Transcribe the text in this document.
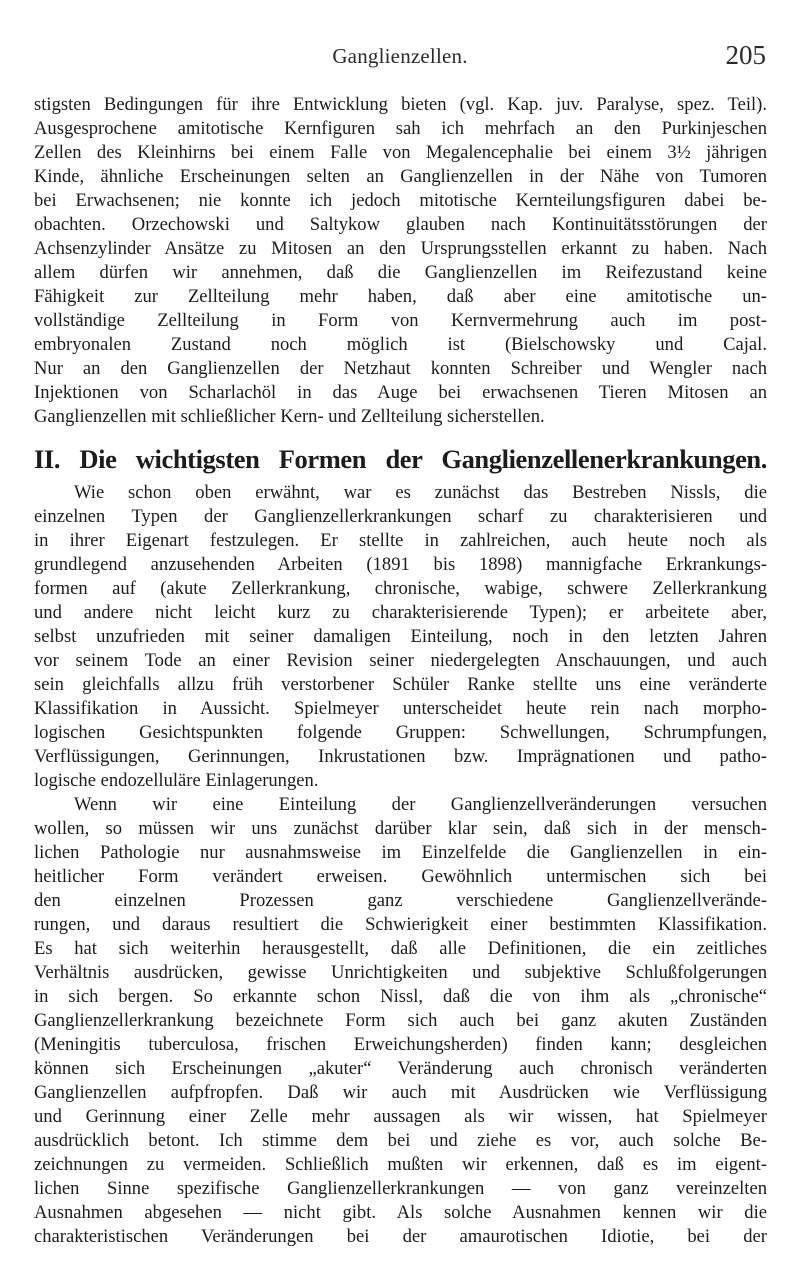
Ganglienzellen.	205
stigsten Bedingungen für ihre Entwicklung bieten (vgl. Kap. juv. Paralyse, spez. Teil).
Ausgesprochene amitotische Kernfiguren sah ich mehrfach an den Purkinjeschen
Zellen des Kleinhirns bei einem Falle von Megalencephalie bei einem 3½ jährigen
Kinde, ähnliche Erscheinungen selten an Ganglienzellen in der Nähe von Tumoren
bei Erwachsenen; nie konnte ich jedoch mitotische Kernteilungsfiguren dabei be-
obachten. Orzechowski und Saltykow glauben nach Kontinuitätsstörungen der
Achsenzylinder Ansätze zu Mitosen an den Ursprungsstellen erkannt zu haben. Nach
allem dürfen wir annehmen, daß die Ganglienzellen im Reifezustand keine
Fähigkeit zur Zellteilung mehr haben, daß aber eine amitotische un-
vollständige Zellteilung in Form von Kernvermehrung auch im post-
embryonalen Zustand noch möglich ist (Bielschowsky und Cajal.
Nur an den Ganglienzellen der Netzhaut konnten Schreiber und Wengler nach
Injektionen von Scharlachöl in das Auge bei erwachsenen Tieren Mitosen an
Ganglienzellen mit schließlicher Kern- und Zellteilung sicherstellen.
II. Die wichtigsten Formen der Ganglienzellenerkrankungen.
Wie schon oben erwähnt, war es zunächst das Bestreben Nissls, die
einzelnen Typen der Ganglienzellerkrankungen scharf zu charakterisieren und
in ihrer Eigenart festzulegen. Er stellte in zahlreichen, auch heute noch als
grundlegend anzusehenden Arbeiten (1891 bis 1898) mannigfache Erkrankungs-
formen auf (akute Zellerkrankung, chronische, wabige, schwere Zellerkrankung
und andere nicht leicht kurz zu charakterisierende Typen); er arbeitete aber,
selbst unzufrieden mit seiner damaligen Einteilung, noch in den letzten Jahren
vor seinem Tode an einer Revision seiner niedergelegten Anschauungen, und auch
sein gleichfalls allzu früh verstorbener Schüler Ranke stellte uns eine veränderte
Klassifikation in Aussicht. Spielmeyer unterscheidet heute rein nach morpho-
logischen Gesichtspunkten folgende Gruppen: Schwellungen, Schrumpfungen,
Verflüssigungen, Gerinnungen, Inkrustationen bzw. Imprägnationen und patho-
logische endozelluläre Einlagerungen.
Wenn wir eine Einteilung der Ganglienzellveränderungen versuchen
wollen, so müssen wir uns zunächst darüber klar sein, daß sich in der mensch-
lichen Pathologie nur ausnahmsweise im Einzelfelde die Ganglienzellen in ein-
heitlicher Form verändert erweisen. Gewöhnlich untermischen sich bei
den einzelnen Prozessen ganz verschiedene Ganglienzellverände-
rungen, und daraus resultiert die Schwierigkeit einer bestimmten Klassifikation.
Es hat sich weiterhin herausgestellt, daß alle Definitionen, die ein zeitliches
Verhältnis ausdrücken, gewisse Unrichtigkeiten und subjektive Schlußfolgerungen
in sich bergen. So erkannte schon Nissl, daß die von ihm als „chronische“
Ganglienzellerkrankung bezeichnete Form sich auch bei ganz akuten Zuständen
(Meningitis tuberculosa, frischen Erweichungsherden) finden kann; desgleichen
können sich Erscheinungen „akuter“ Veränderung auch chronisch veränderten
Ganglienzellen aufpfropfen. Daß wir auch mit Ausdrücken wie Verflüssigung
und Gerinnung einer Zelle mehr aussagen als wir wissen, hat Spielmeyer
ausdrücklich betont. Ich stimme dem bei und ziehe es vor, auch solche Be-
zeichnungen zu vermeiden. Schließlich mußten wir erkennen, daß es im eigent-
lichen Sinne spezifische Ganglienzellerkrankungen — von ganz vereinzelten
Ausnahmen abgesehen — nicht gibt. Als solche Ausnahmen kennen wir die
charakteristischen Veränderungen bei der amaurotischen Idiotie, bei der
